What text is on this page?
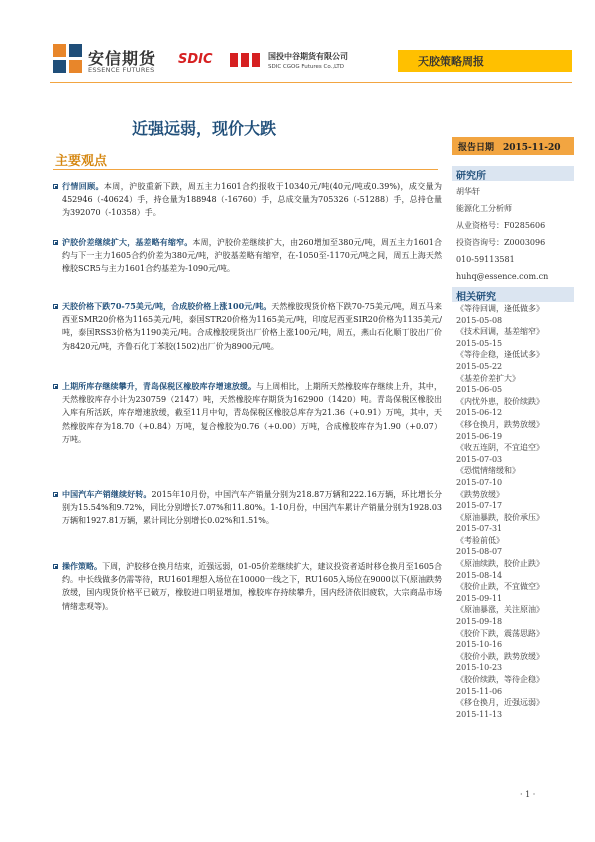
安信期货
ESSENCE FUTURES
SDIC	国投中谷期货有限公司
SDIC CGOG Futures Co.,LTD	天胶策略周报
近强远弱，现价大跌
报告日期　2015-11-20
主要观点
行情回顾。本周，沪胶重新下跌，周五主力1601合约报收于10340元/吨(40元/吨或0.39%)，成交量为452946（-40624）手，持仓量为188948（-16760）手，总成交量为705326（-51288）手，总持仓量为392070（-10358）手。
沪胶价差继续扩大，基差略有缩窄。本周，沪胶价差继续扩大，由260增加至380元/吨，周五主力1601合约与下一主力1605合约价差为380元/吨，沪胶基差略有缩窄，在-1050至-1170元/吨之间，周五上海天然橡胶SCR5与主力1601合约基差为-1090元/吨。
天胶价格下跌70-75美元/吨，合成胶价格上涨100元/吨。天然橡胶现货价格下跌70-75美元/吨，周五马来西亚SMR20价格为1165美元/吨，泰国STR20价格为1165美元/吨，印度尼西亚SIR20价格为1135美元/吨，泰国RSS3价格为1190美元/吨。合成橡胶现货出厂价格上涨100元/吨，周五，燕山石化顺丁胶出厂价为8420元/吨，齐鲁石化丁苯胶(1502)出厂价为8900元/吨。
上期所库存继续攀升，青岛保税区橡胶库存增速放缓。与上周相比，上期所天然橡胶库存继续上升，其中，天然橡胶库存小计为230759（2147）吨，天然橡胶库存期货为162900（1420）吨。青岛保税区橡胶出入库有所活跃，库存增速放缓，截至11月中旬，青岛保税区橡胶总库存为21.36（+0.91）万吨，其中，天然橡胶库存为18.70（+0.84）万吨，复合橡胶为0.76（+0.00）万吨，合成橡胶库存为1.90（+0.07）万吨。
中国汽车产销继续好转。2015年10月份，中国汽车产销量分别为218.87万辆和222.16万辆，环比增长分别为15.54%和9.72%，同比分别增长7.07%和11.80%。1-10月份，中国汽车累计产销量分别为1928.03万辆和1927.81万辆，累计同比分别增长0.02%和1.51%。
操作策略。下周，沪胶移仓换月结束，近强远弱，01-05价差继续扩大，建议投资者适时移仓换月至1605合约。中长线做多仍需等待，RU1601理想入场位在10000一线之下，RU1605入场位在9000以下(原油跌势放缓，国内现货价格平已破万，橡胶进口明显增加，橡胶库存持续攀升，国内经济依旧疲软，大宗商品市场情绪悲观等)。
研究所
胡华轩
能源化工分析师
从业资格号：F0285606
投资咨询号：Z0003096
010-59113581
huhq@essence.com.cn
相关研究
《等待回调，逢低做多》
2015-05-08
《技术回调，基差缩窄》
2015-05-15
《等待企稳，逢低试多》
2015-05-22
《基差价差扩大》
2015-06-05
《内忧外患，胶价续跌》
2015-06-12
《移仓换月，跌势放缓》
2015-06-19
《收五连阴，不宜追空》
2015-07-03
《恐慌情绪缓和》
2015-07-10
《跌势放缓》
2015-07-17
《原油暴跌，胶价承压》
2015-07-31
《考验前低》
2015-08-07
《原油续跌，胶价止跌》
2015-08-14
《胶价止跌，不宜做空》
2015-09-11
《原油暴涨，关注原油》
2015-09-18
《胶价下跌，震荡思路》
2015-10-16
《胶价小跌，跌势放缓》
2015-10-23
《胶价续跌，等待企稳》
2015-11-06
《移仓换月，近强远弱》
2015-11-13
· 1 ·
